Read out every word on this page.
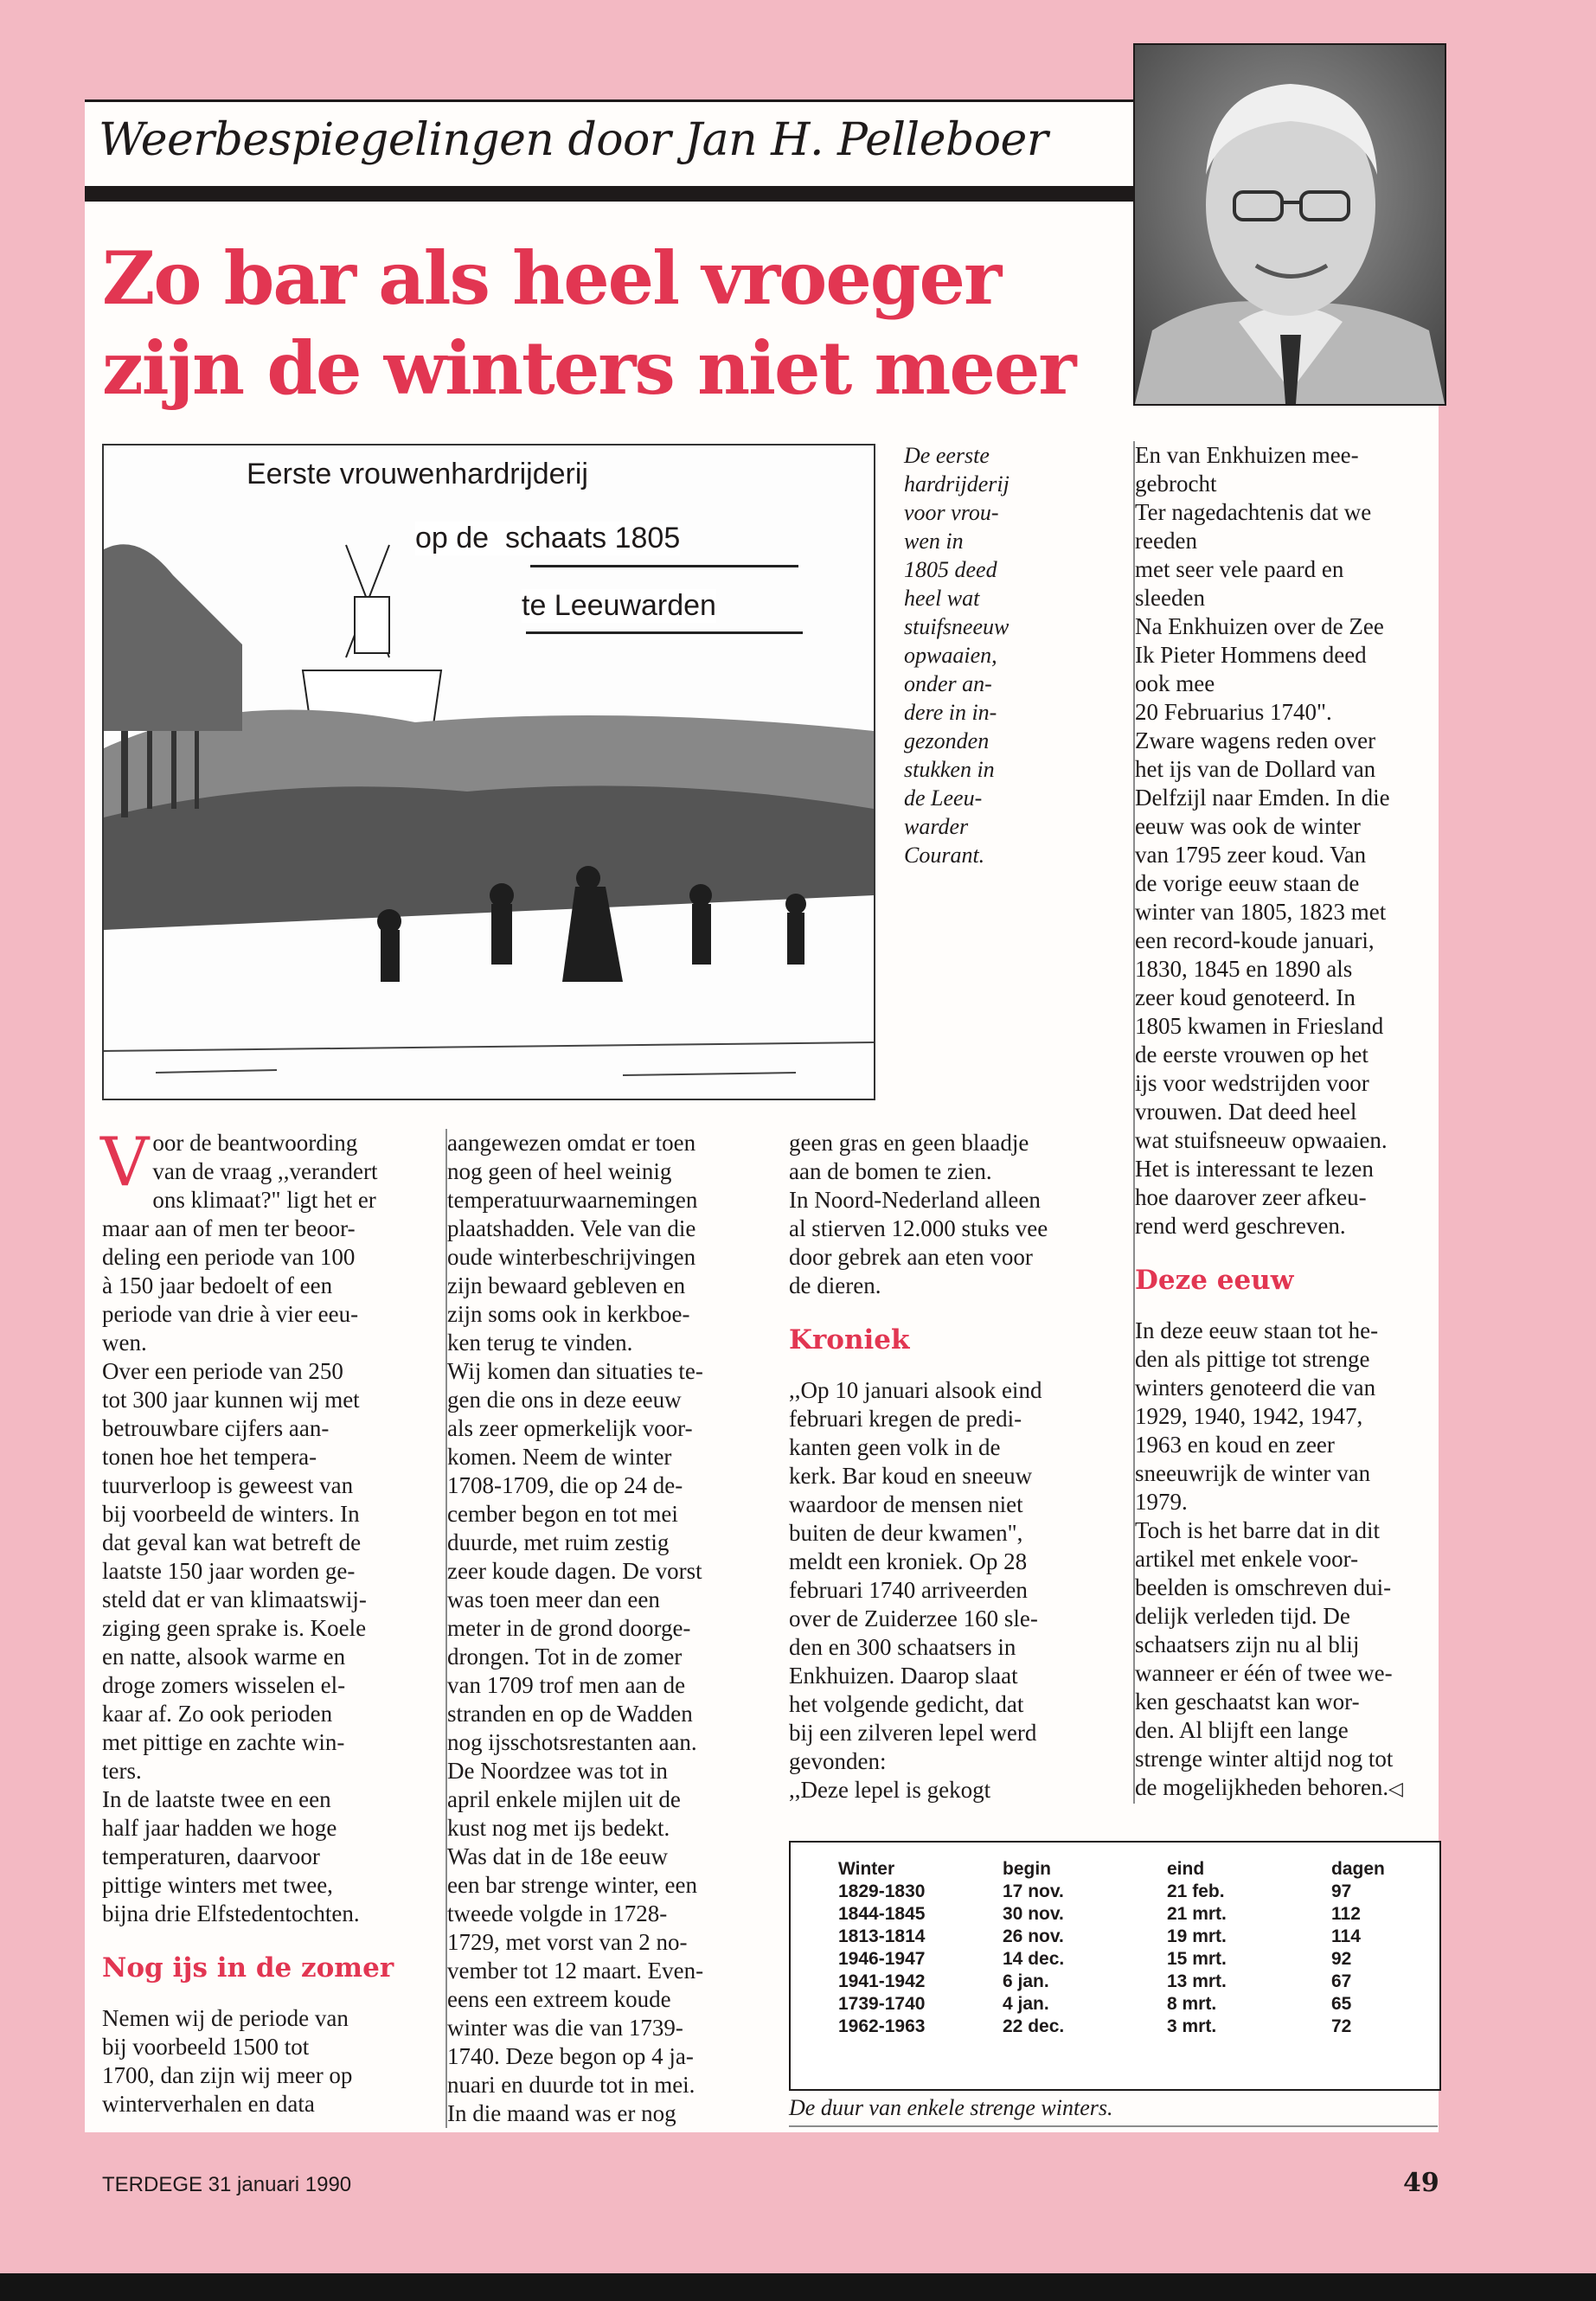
Weerbespiegelingen door Jan H. Pelleboer
Zo bar als heel vroeger
zijn de winters niet meer
Eerste vrouwenhardrijderij
op de  schaats 1805
te Leeuwarden
De eerste
hardrijderij
voor vrou-
wen in
1805 deed
heel wat
stuifsneeuw
opwaaien,
onder an-
dere in in-
gezonden
stukken in
de Leeu-
warder
Courant.
V oor de beantwoording
van de vraag ,,verandert
ons klimaat?" ligt het er
maar aan of men ter beoor-
deling een periode van 100
à 150 jaar bedoelt of een
periode van drie à vier eeu-
wen.
Over een periode van 250
tot 300 jaar kunnen wij met
betrouwbare cijfers aan-
tonen hoe het tempera-
tuurverloop is geweest van
bij voorbeeld de winters. In
dat geval kan wat betreft de
laatste 150 jaar worden ge-
steld dat er van klimaatswij-
ziging geen sprake is. Koele
en natte, alsook warme en
droge zomers wisselen el-
kaar af. Zo ook perioden
met pittige en zachte win-
ters.
In de laatste twee en een
half jaar hadden we hoge
temperaturen, daarvoor
pittige winters met twee,
bijna drie Elfstedentochten.
Nog ijs in de zomer
Nemen wij de periode van
bij voorbeeld 1500 tot
1700, dan zijn wij meer op
winterverhalen en data
aangewezen omdat er toen
nog geen of heel weinig
temperatuurwaarnemingen
plaatshadden. Vele van die
oude winterbeschrijvingen
zijn bewaard gebleven en
zijn soms ook in kerkboe-
ken terug te vinden.
Wij komen dan situaties te-
gen die ons in deze eeuw
als zeer opmerkelijk voor-
komen. Neem de winter
1708-1709, die op 24 de-
cember begon en tot mei
duurde, met ruim zestig
zeer koude dagen. De vorst
was toen meer dan een
meter in de grond doorge-
drongen. Tot in de zomer
van 1709 trof men aan de
stranden en op de Wadden
nog ijsschotsrestanten aan.
De Noordzee was tot in
april enkele mijlen uit de
kust nog met ijs bedekt.
Was dat in de 18e eeuw
een bar strenge winter, een
tweede volgde in 1728-
1729, met vorst van 2 no-
vember tot 12 maart. Even-
eens een extreem koude
winter was die van 1739-
1740. Deze begon op 4 ja-
nuari en duurde tot in mei.
In die maand was er nog
geen gras en geen blaadje
aan de bomen te zien.
In Noord-Nederland alleen
al stierven 12.000 stuks vee
door gebrek aan eten voor
de dieren.
Kroniek
,,Op 10 januari alsook eind
februari kregen de predi-
kanten geen volk in de
kerk. Bar koud en sneeuw
waardoor de mensen niet
buiten de deur kwamen",
meldt een kroniek. Op 28
februari 1740 arriveerden
over de Zuiderzee 160 sle-
den en 300 schaatsers in
Enkhuizen. Daarop slaat
het volgende gedicht, dat
bij een zilveren lepel werd
gevonden:
,,Deze lepel is gekogt
En van Enkhuizen mee-
gebrocht
Ter nagedachtenis dat we
reeden
met seer vele paard en
sleeden
Na Enkhuizen over de Zee
Ik Pieter Hommens deed
ook mee
20 Februarius 1740".
Zware wagens reden over
het ijs van de Dollard van
Delfzijl naar Emden. In die
eeuw was ook de winter
van 1795 zeer koud. Van
de vorige eeuw staan de
winter van 1805, 1823 met
een record-koude januari,
1830, 1845 en 1890 als
zeer koud genoteerd. In
1805 kwamen in Friesland
de eerste vrouwen op het
ijs voor wedstrijden voor
vrouwen. Dat deed heel
wat stuifsneeuw opwaaien.
Het is interessant te lezen
hoe daarover zeer afkeu-
rend werd geschreven.
Deze eeuw
In deze eeuw staan tot he-
den als pittige tot strenge
winters genoteerd die van
1929, 1940, 1942, 1947,
1963 en koud en zeer
sneeuwrijk de winter van
1979.
Toch is het barre dat in dit
artikel met enkele voor-
beelden is omschreven dui-
delijk verleden tijd. De
schaatsers zijn nu al blij
wanneer er één of twee we-
ken geschaatst kan wor-
den. Al blijft een lange
strenge winter altijd nog tot
de mogelijkheden behoren.◁
Winter	begin	eind	dagen
1829-1830	17 nov.	21 feb.	97
1844-1845	30 nov.	21 mrt.	112
1813-1814	26 nov.	19 mrt.	114
1946-1947	14 dec.	15 mrt.	92
1941-1942	6 jan.	13 mrt.	67
1739-1740	4 jan.	8 mrt.	65
1962-1963	22 dec.	3 mrt.	72
De duur van enkele strenge winters.
TERDEGE 31 januari 1990	49
